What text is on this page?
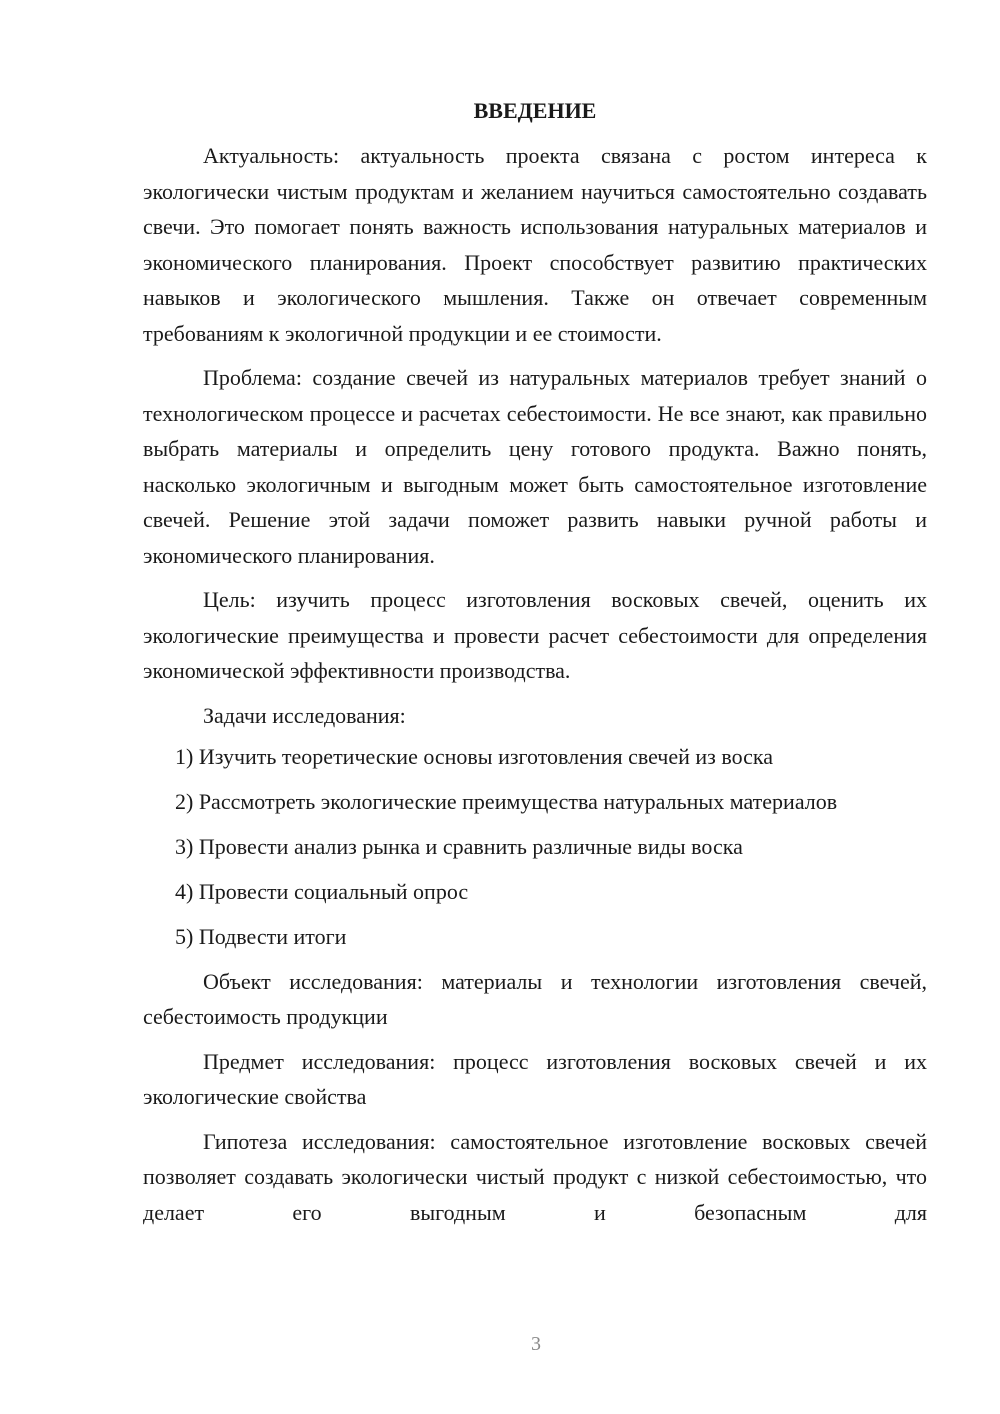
ВВЕДЕНИЕ

Актуальность: актуальность проекта связана с ростом интереса к экологически чистым продуктам и желанием научиться самостоятельно создавать свечи. Это помогает понять важность использования натуральных материалов и экономического планирования. Проект способствует развитию практических навыков и экологического мышления. Также он отвечает современным требованиям к экологичной продукции и ее стоимости.

Проблема: создание свечей из натуральных материалов требует знаний о технологическом процессе и расчетах себестоимости. Не все знают, как правильно выбрать материалы и определить цену готового продукта. Важно понять, насколько экологичным и выгодным может быть самостоятельное изготовление свечей. Решение этой задачи поможет развить навыки ручной работы и экономического планирования.

Цель: изучить процесс изготовления восковых свечей, оценить их экологические преимущества и провести расчет себестоимости для определения экономической эффективности производства.

Задачи исследования:

1) Изучить теоретические основы изготовления свечей из воска
2) Рассмотреть экологические преимущества натуральных материалов
3) Провести анализ рынка и сравнить различные виды воска
4) Провести социальный опрос
5) Подвести итоги

Объект исследования: материалы и технологии изготовления свечей, себестоимость продукции

Предмет исследования: процесс изготовления восковых свечей и их экологические свойства

Гипотеза исследования: самостоятельное изготовление восковых свечей позволяет создавать экологически чистый продукт с низкой себестоимостью, что делает его выгодным и безопасным для

3
